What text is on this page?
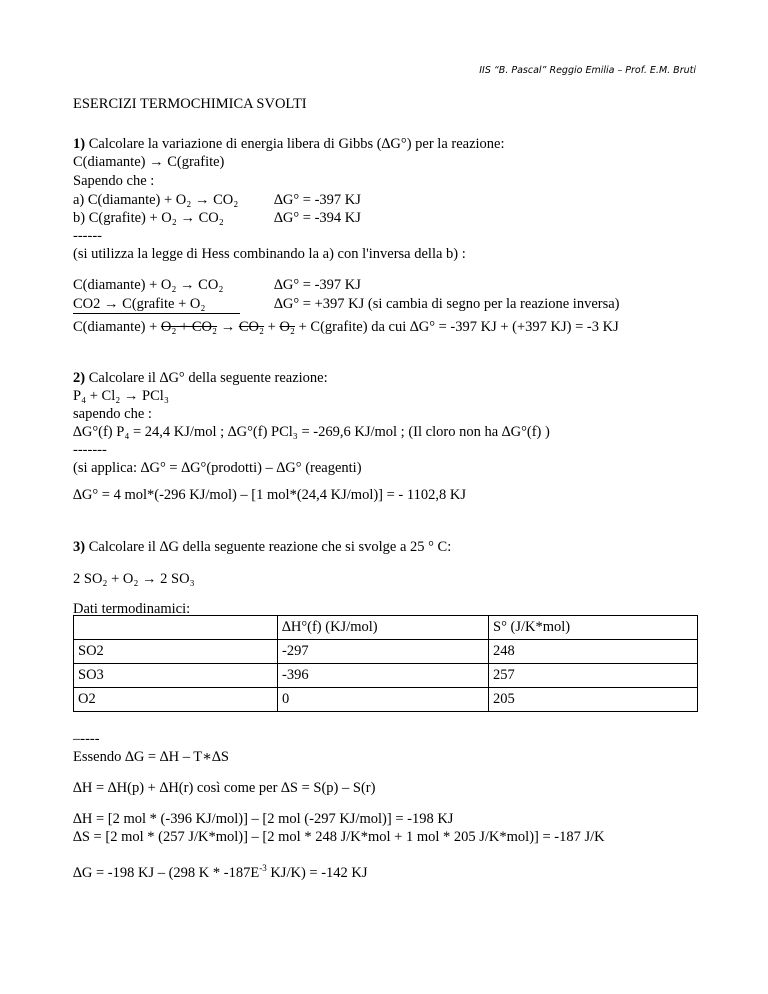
IIS “B. Pascal” Reggio Emilia – Prof. E.M. Bruti
ESERCIZI TERMOCHIMICA SVOLTI
1) Calcolare la variazione di energia libera di Gibbs (∆G°) per la reazione:
C(diamante) → C(grafite)
Sapendo che :
a) C(diamante) + O₂ → CO₂ ∆G° = -397 KJ
b) C(grafite) + O₂ → CO₂	∆G° = -394 KJ
------
(si utilizza la legge di Hess combinando la a) con l'inversa della b) :
C(diamante) + O₂ → CO₂	∆G° = -397 KJ
CO2 → C(grafite + O₂	∆G° = +397 KJ (si cambia di segno per la reazione inversa)
C(diamante) + O₂ + CO₂ → CO₂ + O₂ + C(grafite) da cui ∆G° = -397 KJ + (+397 KJ) = -3 KJ
2) Calcolare il ∆G° della seguente reazione:
P₄ + Cl₂ → PCl₃
sapendo che :
∆G°(f) P₄ = 24,4 KJ/mol ; ∆G°(f) PCl₃ = -269,6 KJ/mol ; (Il cloro non ha ∆G°(f) )
-------
(si applica: ∆G° = ∆G°(prodotti) – ∆G° (reagenti)
∆G° = 4 mol*(-296 KJ/mol) – [1 mol*(24,4 KJ/mol)] = - 1102,8 KJ
3) Calcolare il ∆G della seguente reazione che si svolge a 25 ° C:
2 SO₂ + O₂ → 2 SO₃
Dati termodinamici:
	∆H°(f) (KJ/mol)	S° (J/K*mol)
SO2	-297	248
SO3	-396	257
O2	0	205
–----
Essendo ∆G = ∆H – T∗∆S
∆H = ∆H(p) + ∆H(r) così come per ∆S = S(p) – S(r)
∆H = [2 mol * (-396 KJ/mol)] – [2 mol (-297 KJ/mol)] = -198 KJ
∆S = [2 mol * (257 J/K*mol)] – [2 mol * 248 J/K*mol + 1 mol * 205 J/K*mol)] = -187 J/K
∆G = -198 KJ – (298 K * $-187E^{-3}$ KJ/K) = -142 KJ
